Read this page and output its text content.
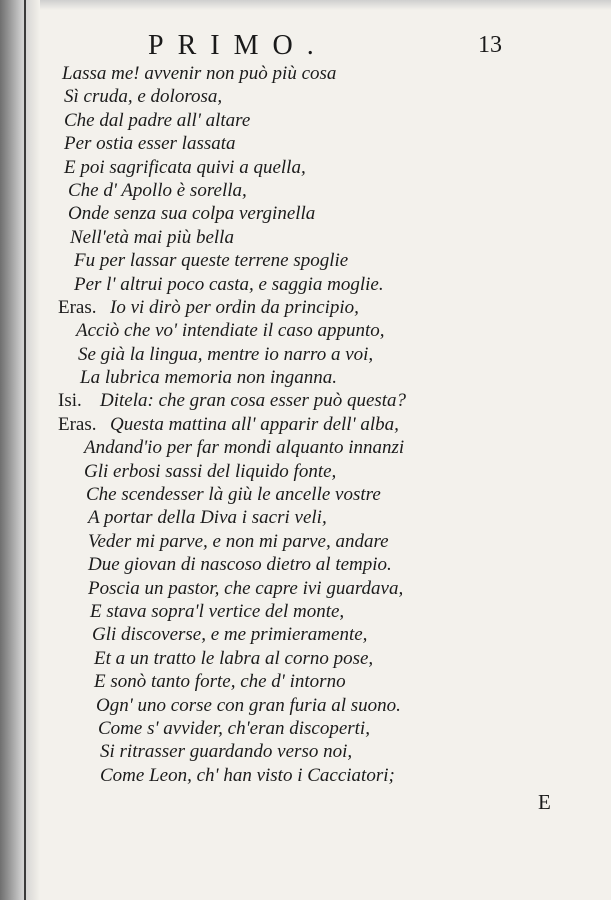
PRIMO.	13
Lassa me! avvenir non può più cosa
Sì cruda, e dolorosa,
Che dal padre all' altare
Per ostia esser lassata
E poi sagrificata quivi a quella,
Che d' Apollo è sorella,
Onde senza sua colpa verginella
Nell'età mai più bella
Fu per lassar queste terrene spoglie
Per l' altrui poco casta, e saggia moglie.
Eras. Io vi dirò per ordin da principio,
Acciò che vo' intendiate il caso appunto,
Se già la lingua, mentre io narro a voi,
La lubrica memoria non inganna.
Isi. Ditela: che gran cosa esser può questa?
Eras. Questa mattina all' apparir dell' alba,
Andand'io per far mondi alquanto innanzi
Gli erbosi sassi del liquido fonte,
Che scendesser là giù le ancelle vostre
A portar della Diva i sacri veli,
Veder mi parve, e non mi parve, andare
Due giovan di nascoso dietro al tempio.
Poscia un pastor, che capre ivi guardava,
E stava sopra'l vertice del monte,
Gli discoverse, e me primieramente,
Et a un tratto le labra al corno pose,
E sonò tanto forte, che d' intorno
Ogn' uno corse con gran furia al suono.
Come s' avvider, ch'eran discoperti,
Si ritrasser guardando verso noi,
Come Leon, ch' han visto i Cacciatori;
E
